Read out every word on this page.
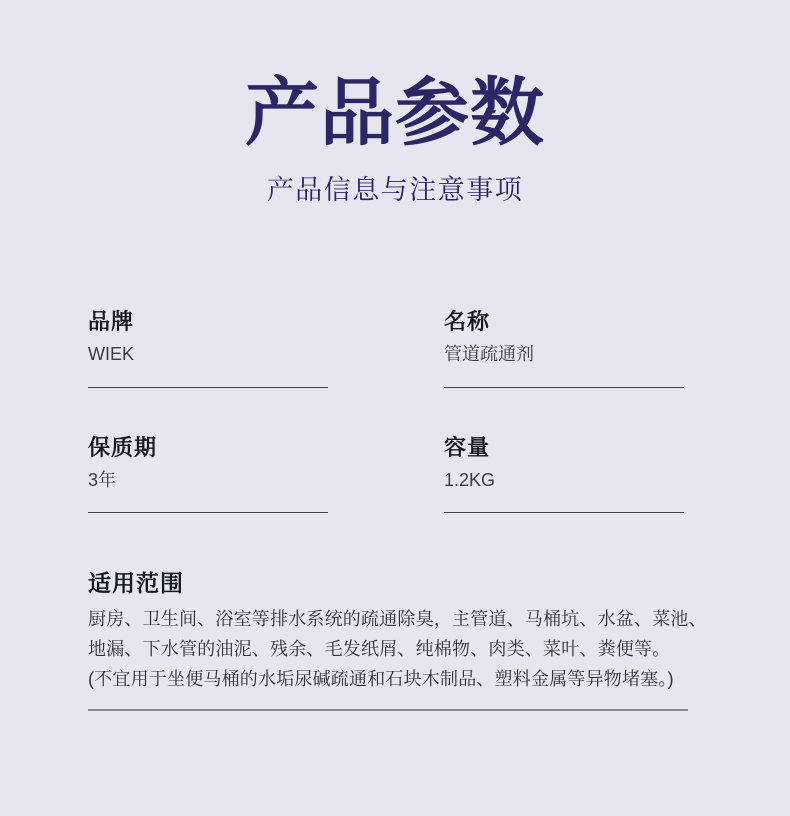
产品参数
产品信息与注意事项
品牌
WIEK
名称
管道疏通剂
保质期
3年
容量
1.2KG
适用范围
厨房、卫生间、浴室等排水系统的疏通除臭，主管道、马桶坑、水盆、菜池、
地漏、下水管的油泥、残余、毛发纸屑、纯棉物、肉类、菜叶、粪便等。
(不宜用于坐便马桶的水垢尿碱疏通和石块木制品、塑料金属等异物堵塞。)
